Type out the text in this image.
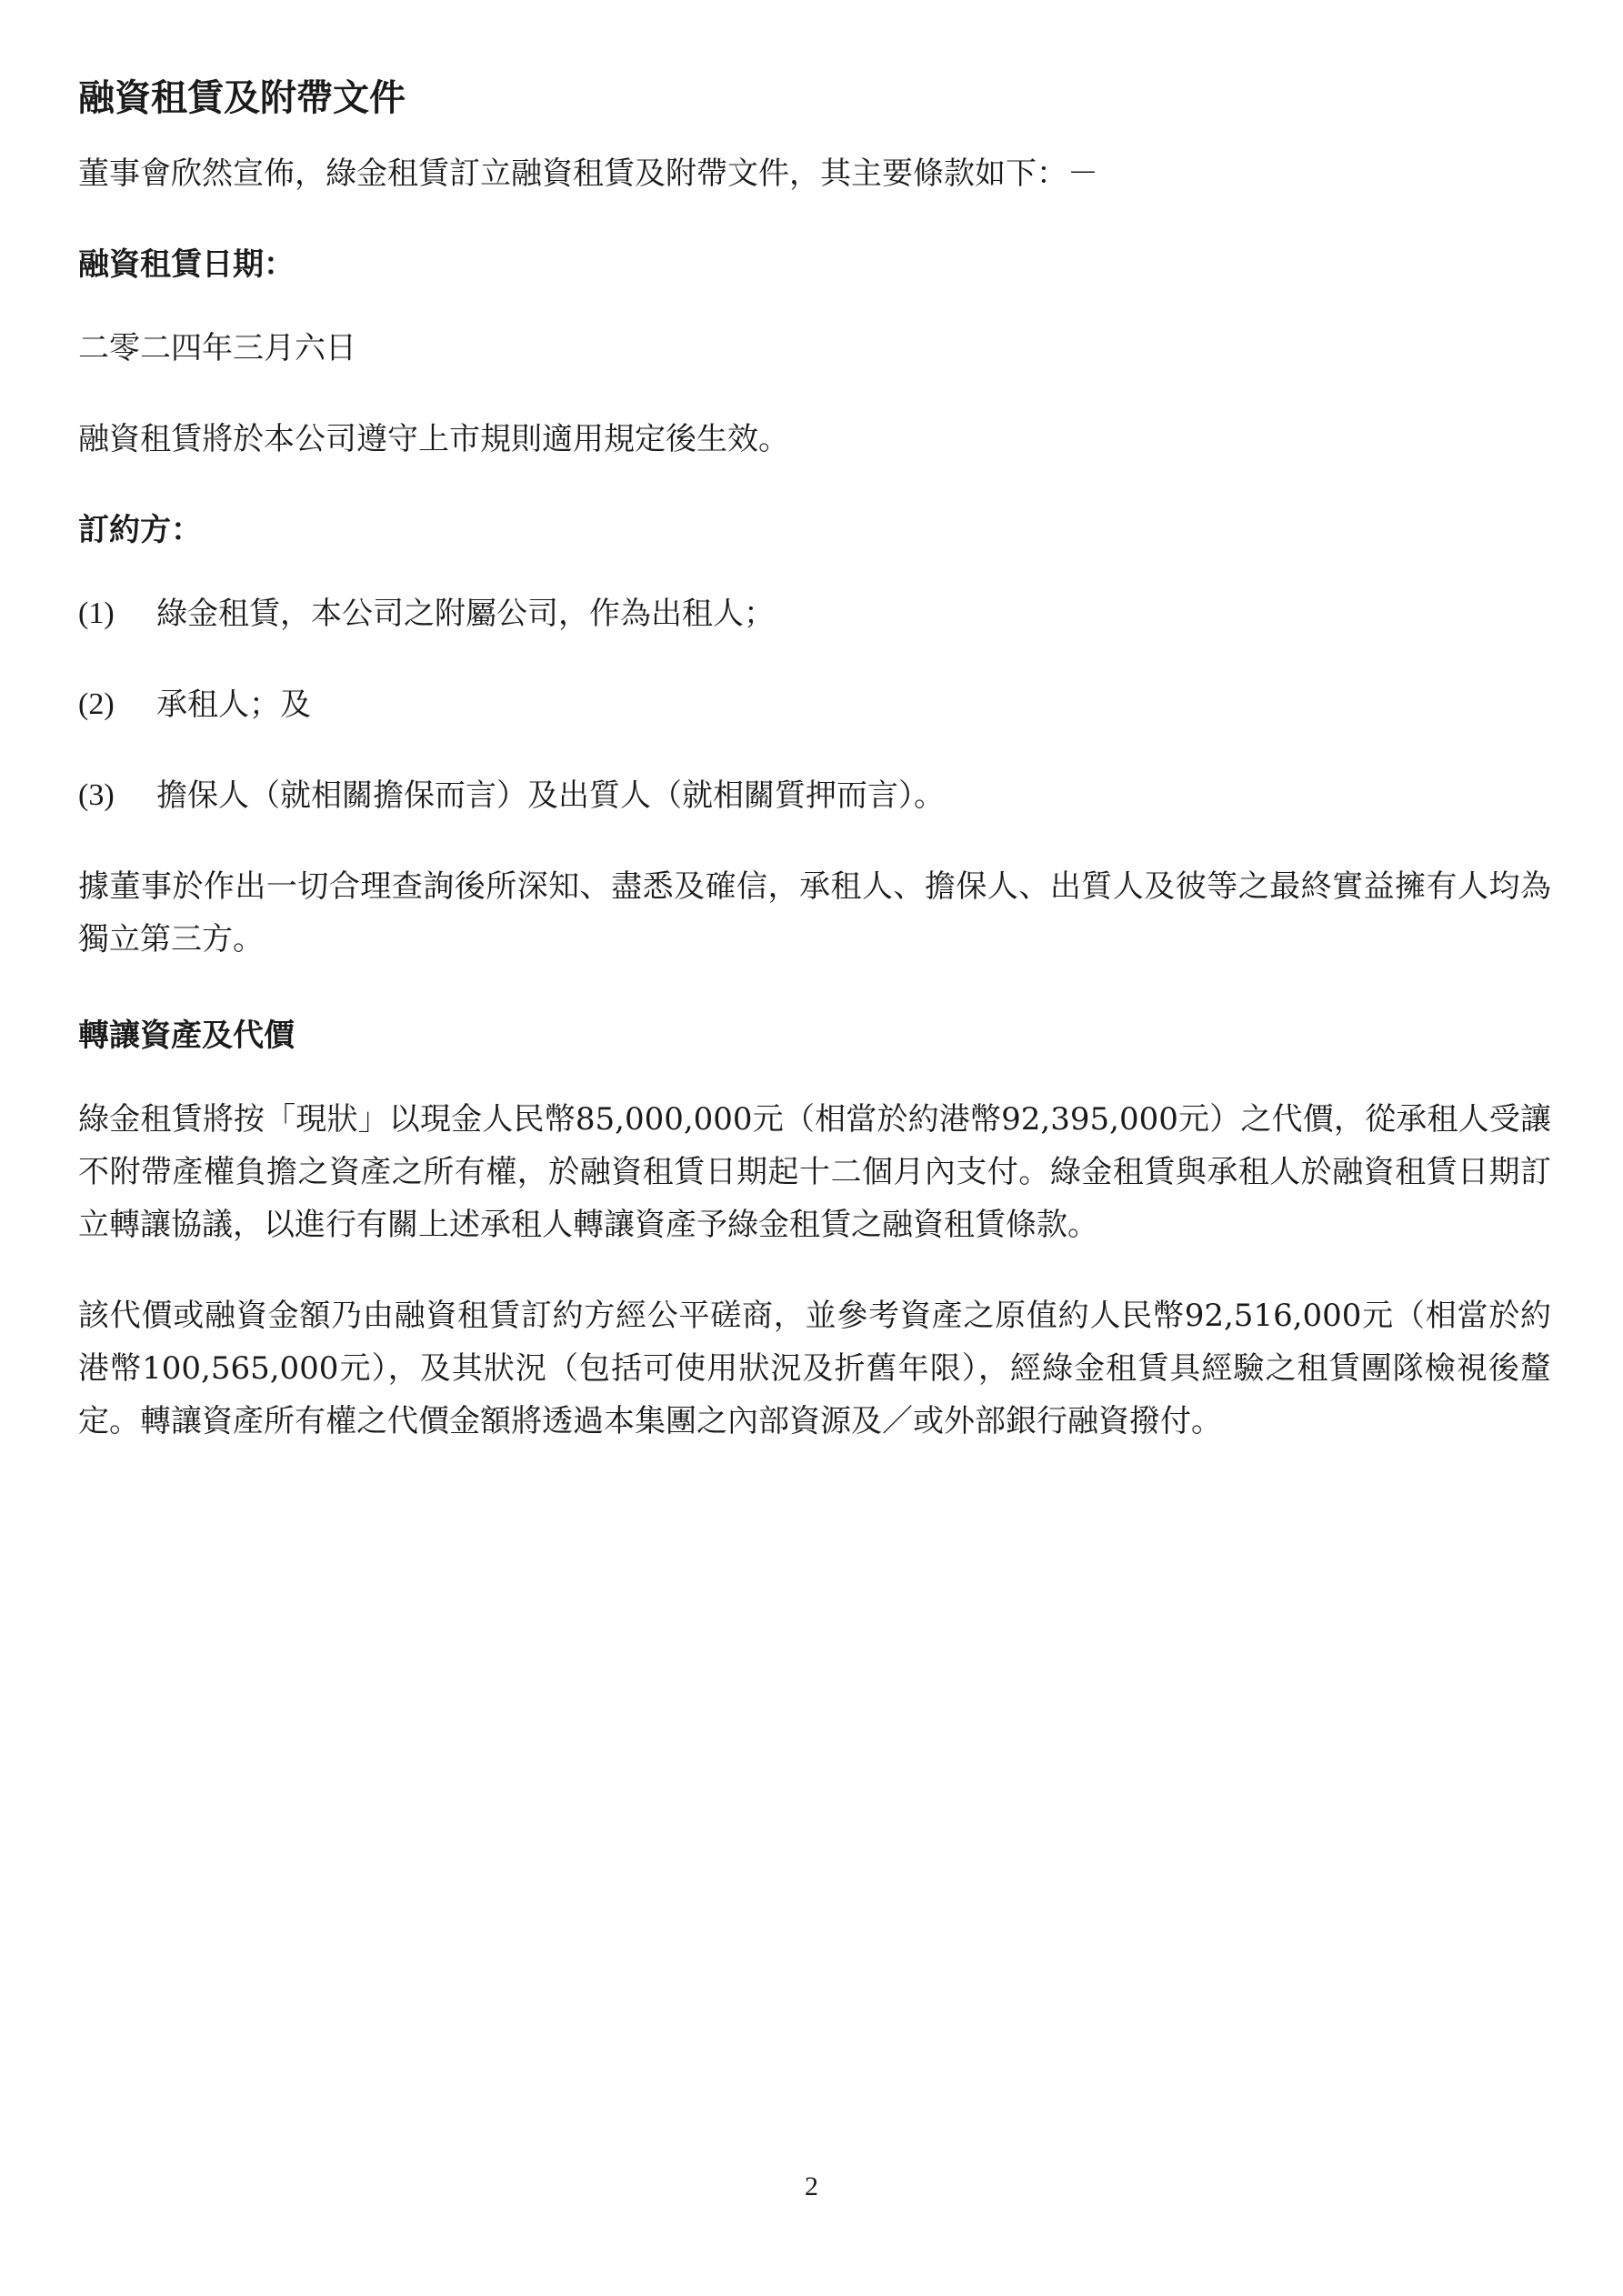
融資租賃及附帶文件

董事會欣然宣佈，綠金租賃訂立融資租賃及附帶文件，其主要條款如下：－

融資租賃日期：

二零二四年三月六日

融資租賃將於本公司遵守上市規則適用規定後生效。

訂約方：
(1)	綠金租賃，本公司之附屬公司，作為出租人；
(2)	承租人；及
(3)	擔保人（就相關擔保而言）及出質人（就相關質押而言）。

據董事於作出一切合理查詢後所深知、盡悉及確信，承租人、擔保人、出質人及彼等之最終實益擁有人均為獨立第三方。

轉讓資產及代價

綠金租賃將按「現狀」以現金人民幣85,000,000元（相當於約港幣92,395,000元）之代價，從承租人受讓不附帶產權負擔之資產之所有權，於融資租賃日期起十二個月內支付。綠金租賃與承租人於融資租賃日期訂立轉讓協議，以進行有關上述承租人轉讓資產予綠金租賃之融資租賃條款。

該代價或融資金額乃由融資租賃訂約方經公平磋商，並參考資產之原值約人民幣92,516,000元（相當於約港幣100,565,000元），及其狀況（包括可使用狀況及折舊年限），經綠金租賃具經驗之租賃團隊檢視後釐定。轉讓資產所有權之代價金額將透過本集團之內部資源及／或外部銀行融資撥付。

2
